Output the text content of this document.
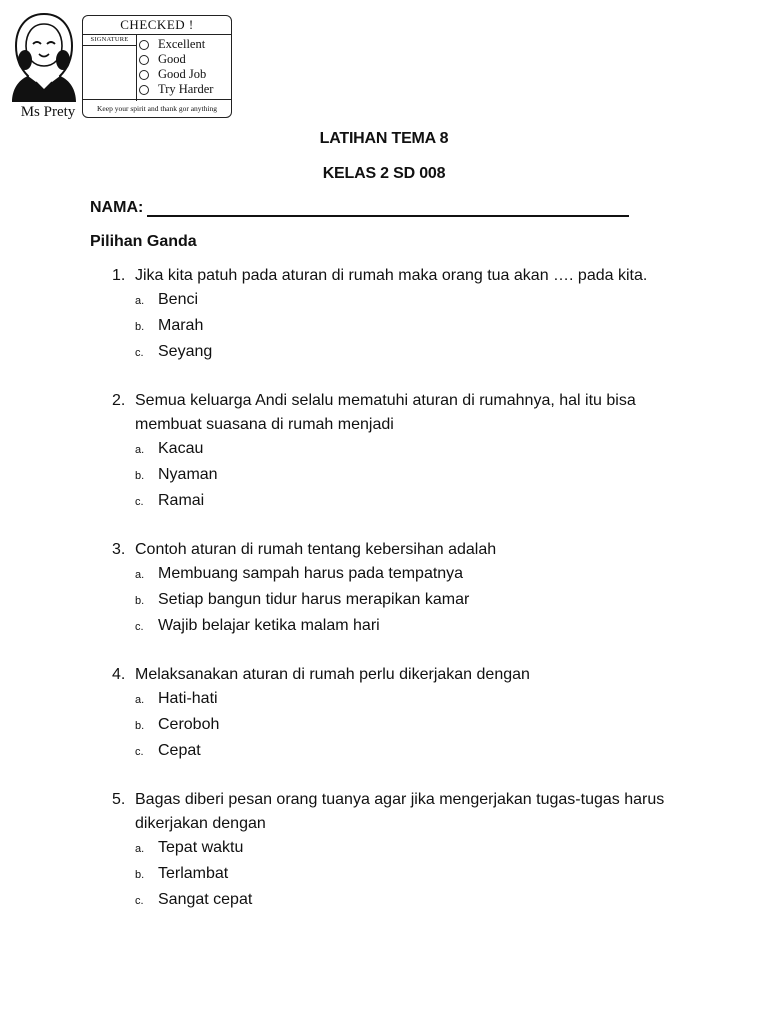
Ms Prety
CHECKED !
SIGNATURE	Excellent
Good
Good Job
Try Harder
Keep your spirit and thank gor anything
LATIHAN TEMA 8
KELAS 2 SD 008
NAMA:
Pilihan Ganda
1. Jika kita patuh pada aturan di rumah maka orang tua akan …. pada kita.
a. Benci
b. Marah
c. Seyang
2. Semua keluarga Andi selalu mematuhi aturan di rumahnya, hal itu bisa membuat suasana di rumah menjadi
a. Kacau
b. Nyaman
c. Ramai
3. Contoh aturan di rumah tentang kebersihan adalah
a. Membuang sampah harus pada tempatnya
b. Setiap bangun tidur harus merapikan kamar
c. Wajib belajar ketika malam hari
4. Melaksanakan aturan di rumah perlu dikerjakan dengan
a. Hati-hati
b. Ceroboh
c. Cepat
5. Bagas diberi pesan orang tuanya agar jika mengerjakan tugas-tugas harus dikerjakan dengan
a. Tepat waktu
b. Terlambat
c. Sangat cepat
